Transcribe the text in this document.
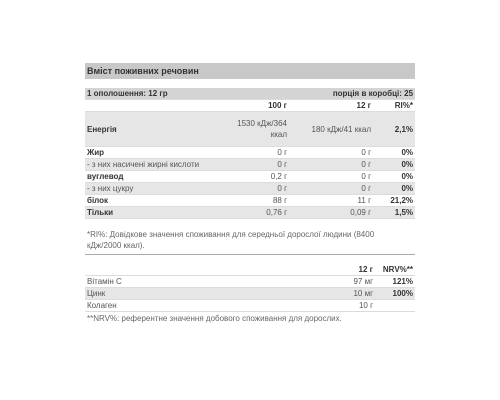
Вміст поживних речовин
1 ополошення: 12 гр		порція в коробці: 25	
	100 г	12 г	RI%*
Енергія	1530 кДж/364 ккал	180 кДж/41 ккал	2,1%
Жир	0 г	0 г	0%
- з них насичені жирні кислоти	0 г	0 г	0%
вуглевод	0,2 г	0 г	0%
- з них цукру	0 г	0 г	0%
білок	88 г	11 г	21,2%
Тільки	0,76 г	0,09 г	1,5%
*RI%: Довідкове значення споживання для середньої дорослої людини (8400 кДж/2000 ккал).
	12 г	NRV%**
Вітамін С	97 мг	121%
Цинк	10 мг	100%
Колаген	10 г	
**NRV%: референтне значення добового споживання для дорослих.
